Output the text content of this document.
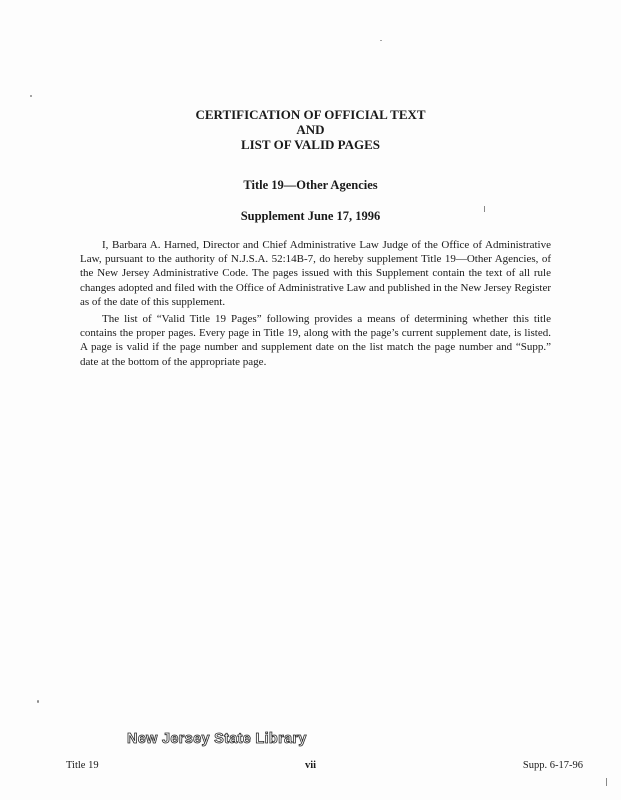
CERTIFICATION OF OFFICIAL TEXT
AND
LIST OF VALID PAGES
Title 19—Other Agencies
Supplement June 17, 1996

I, Barbara A. Harned, Director and Chief Administrative Law Judge of the Office of Administrative Law, pursuant to the authority of N.J.S.A. 52:14B-7, do hereby supplement Title 19—Other Agencies, of the New Jersey Administrative Code. The pages issued with this Supplement contain the text of all rule changes adopted and filed with the Office of Administrative Law and published in the New Jersey Register as of the date of this supplement.

The list of “Valid Title 19 Pages” following provides a means of determining whether this title contains the proper pages. Every page in Title 19, along with the page’s current supplement date, is listed. A page is valid if the page number and supplement date on the list match the page number and “Supp.” date at the bottom of the appropriate page.

New Jersey State Library
Title 19	vii	Supp. 6-17-96
